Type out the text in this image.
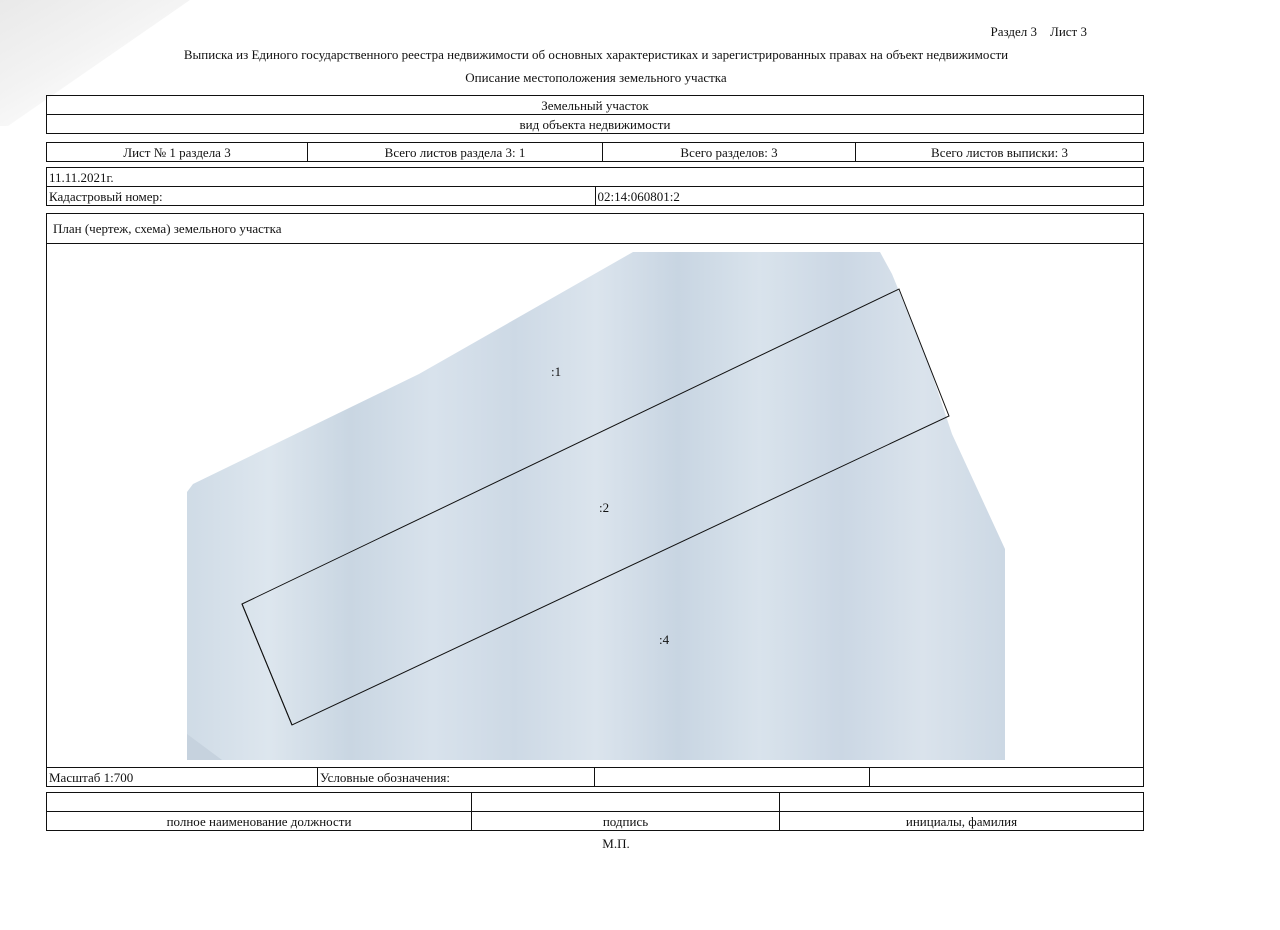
Раздел 3 Лист 3
Выписка из Единого государственного реестра недвижимости об основных характеристиках и зарегистрированных правах на объект недвижимости
Описание местоположения земельного участка
Земельный участок
вид объекта недвижимости
Лист № 1 раздела 3	Всего листов раздела 3: 1	Всего разделов: 3	Всего листов выписки: 3
11.11.2021г.
Кадастровый номер:	02:14:060801:2
План (чертеж, схема) земельного участка
:1
:2
:4
Масштаб 1:700	Условные обозначения:		

полное наименование должности	подпись	инициалы, фамилия
М.П.
